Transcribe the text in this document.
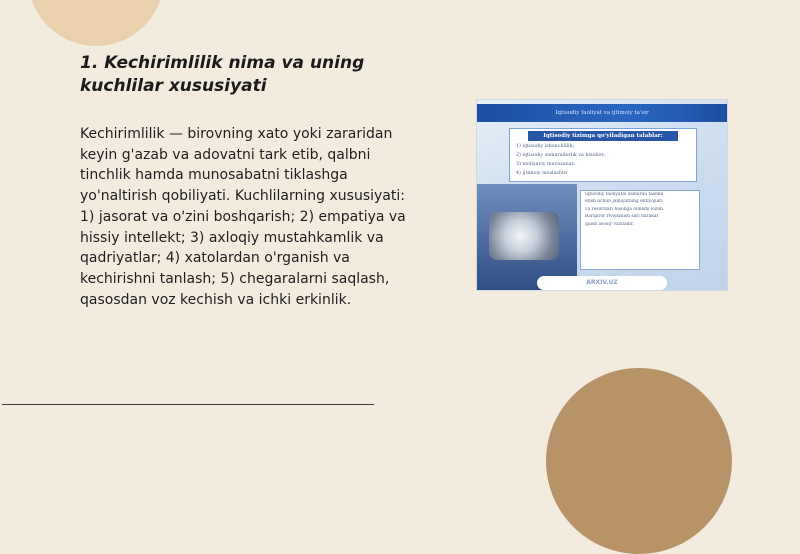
1. Kechirimlilik nima va uning kuchlilar xususiyati

Kechirimlilik — birovning xato yoki zararidan keyin g'azab va adovatni tark etib, qalbni tinchlik hamda munosabatni tiklashga yo'naltirish qobiliyati. Kuchlilarning xususiyati: 1) jasorat va o'zini boshqarish; 2) empatiya va hissiy intellekt; 3) axloqiy mustahkamlik va qadriyatlar; 4) xatolardan o'rganish va kechirishni tanlash; 5) chegaralarni saqlash, qasosdan voz kechish va ichki erkinlik.

Iqtisodiy faoliyat va ijtimoiy ta'sir
Iqtisodiy tizimga qo'yiladigan talablar:
1) iqtisodiy ishonchlilik;
2) iqtisodiy samaradorlik va hisobot;
3) moliyaviy muvozanat;
4) ijtimoiy moslashuv
Iqtisodiy faoliyatni samarali tashkil
etish uchun jamiyatning ehtiyojlari
va resurslari hisobga olinishi lozim.
Barqaror rivojlanish sari harakat
qilish asosiy vazifadir.
ARXIV.UZ
